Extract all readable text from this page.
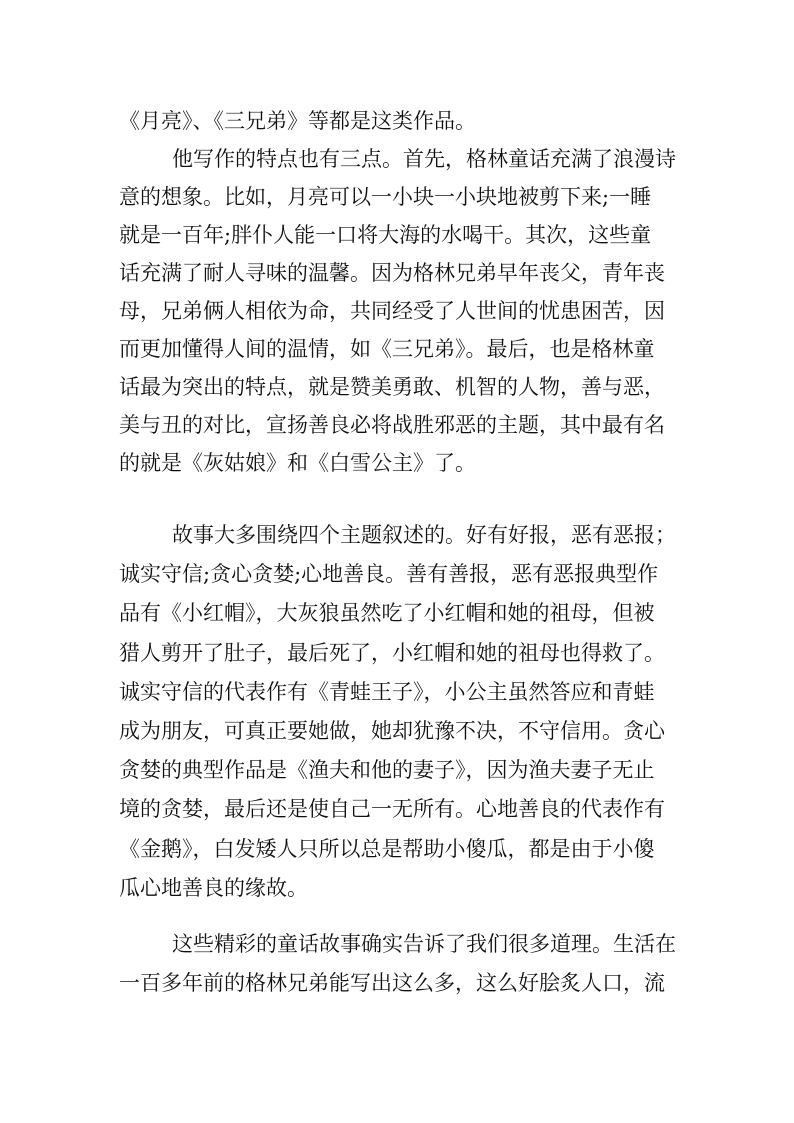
《月亮》、《三兄弟》等都是这类作品。
他写作的特点也有三点。首先，格林童话充满了浪漫诗
意的想象。比如，月亮可以一小块一小块地被剪下来;一睡
就是一百年;胖仆人能一口将大海的水喝干。其次，这些童
话充满了耐人寻味的温馨。因为格林兄弟早年丧父，青年丧
母，兄弟俩人相依为命，共同经受了人世间的忧患困苦，因
而更加懂得人间的温情，如《三兄弟》。最后，也是格林童
话最为突出的特点，就是赞美勇敢、机智的人物，善与恶，
美与丑的对比，宣扬善良必将战胜邪恶的主题，其中最有名
的就是《灰姑娘》和《白雪公主》了。
故事大多围绕四个主题叙述的。好有好报，恶有恶报；
诚实守信;贪心贪婪;心地善良。善有善报，恶有恶报典型作
品有《小红帽》，大灰狼虽然吃了小红帽和她的祖母，但被
猎人剪开了肚子，最后死了，小红帽和她的祖母也得救了。
诚实守信的代表作有《青蛙王子》，小公主虽然答应和青蛙
成为朋友，可真正要她做，她却犹豫不决，不守信用。贪心
贪婪的典型作品是《渔夫和他的妻子》，因为渔夫妻子无止
境的贪婪，最后还是使自己一无所有。心地善良的代表作有
《金鹅》，白发矮人只所以总是帮助小傻瓜，都是由于小傻
瓜心地善良的缘故。
这些精彩的童话故事确实告诉了我们很多道理。生活在
一百多年前的格林兄弟能写出这么多，这么好脍炙人口，流
